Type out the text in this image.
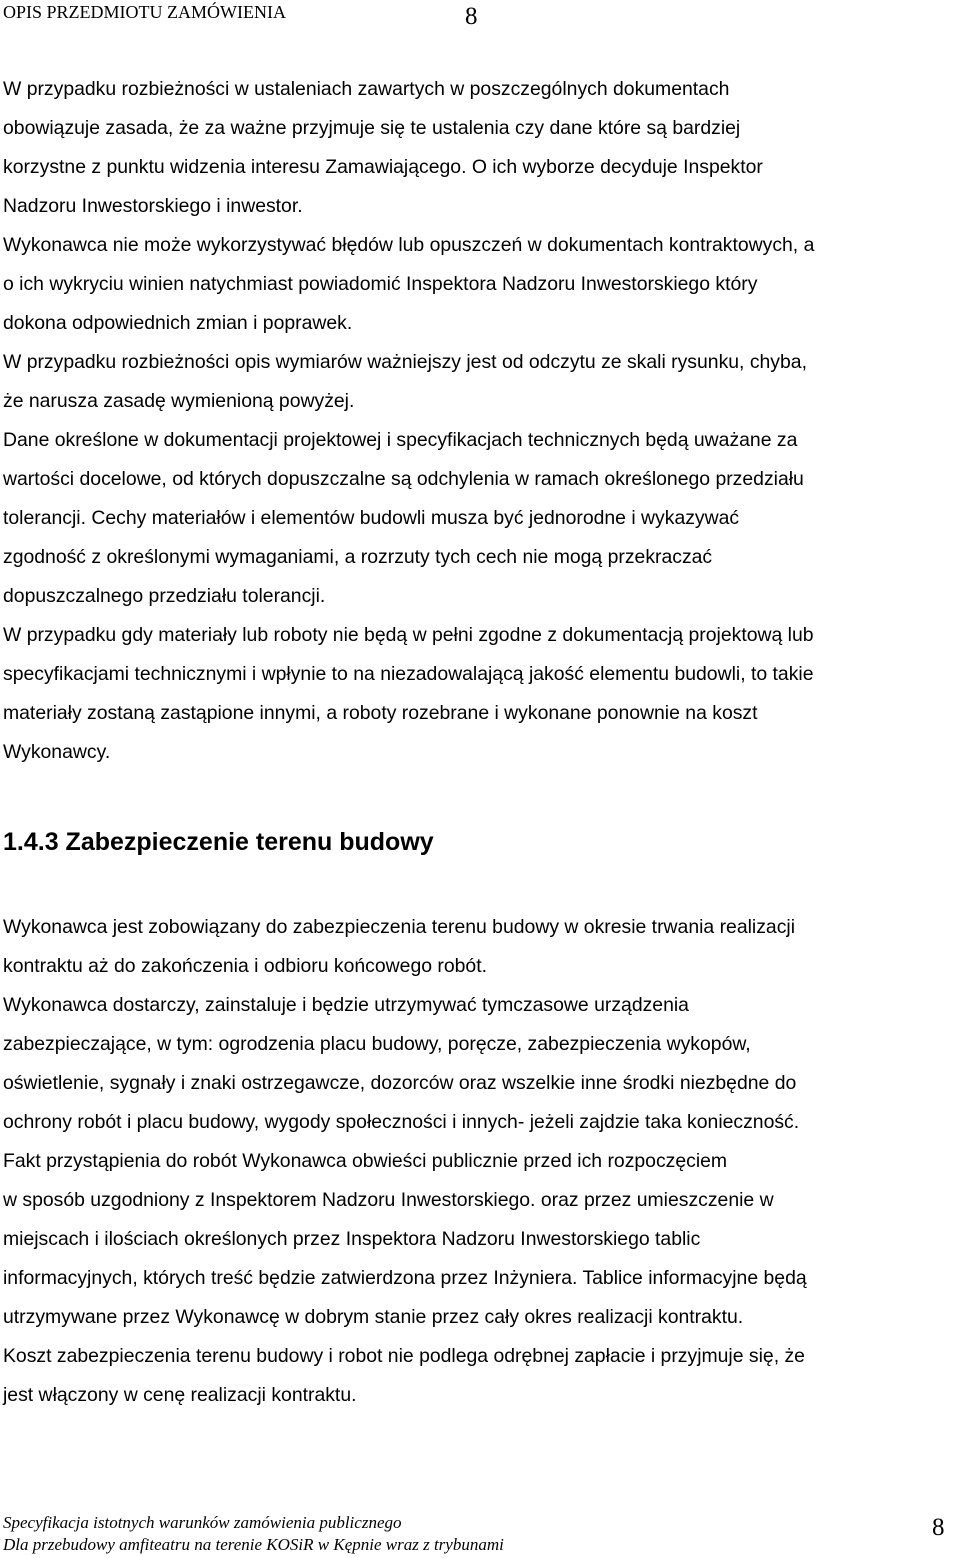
OPIS PRZEDMIOTU ZAMÓWIENIA	8
W przypadku rozbieżności w ustaleniach zawartych w poszczególnych dokumentach
obowiązuje zasada, że za ważne przyjmuje się te ustalenia czy dane które są bardziej
korzystne z punktu widzenia interesu Zamawiającego. O ich wyborze decyduje Inspektor
Nadzoru Inwestorskiego i inwestor.
Wykonawca nie może wykorzystywać błędów lub opuszczeń w dokumentach kontraktowych, a
o ich wykryciu winien natychmiast powiadomić Inspektora Nadzoru Inwestorskiego który
dokona odpowiednich zmian i poprawek.
W przypadku rozbieżności opis wymiarów ważniejszy jest od odczytu ze skali rysunku, chyba,
że narusza zasadę wymienioną powyżej.
Dane określone w dokumentacji projektowej i specyfikacjach technicznych będą uważane za
wartości docelowe, od których dopuszczalne są odchylenia w ramach określonego przedziału
tolerancji. Cechy materiałów i elementów budowli musza być jednorodne i wykazywać
zgodność z określonymi wymaganiami, a rozrzuty tych cech nie mogą przekraczać
dopuszczalnego przedziału tolerancji.
W przypadku gdy materiały lub roboty nie będą w pełni zgodne z dokumentacją projektową lub
specyfikacjami technicznymi i wpłynie to na niezadowalającą jakość elementu budowli, to takie
materiały zostaną zastąpione innymi, a roboty rozebrane i wykonane ponownie na koszt
Wykonawcy.
1.4.3 Zabezpieczenie terenu budowy
Wykonawca jest zobowiązany do zabezpieczenia terenu budowy w okresie trwania realizacji
kontraktu aż do zakończenia i odbioru końcowego robót.
Wykonawca dostarczy, zainstaluje i będzie utrzymywać tymczasowe urządzenia
zabezpieczające, w tym: ogrodzenia placu budowy, poręcze, zabezpieczenia wykopów,
oświetlenie, sygnały i znaki ostrzegawcze, dozorców oraz wszelkie inne środki niezbędne do
ochrony robót i placu budowy, wygody społeczności i innych- jeżeli zajdzie taka konieczność.
Fakt przystąpienia do robót Wykonawca obwieści publicznie przed ich rozpoczęciem
w sposób uzgodniony z Inspektorem Nadzoru Inwestorskiego. oraz przez umieszczenie w
miejscach i ilościach określonych przez Inspektora Nadzoru Inwestorskiego tablic
informacyjnych, których treść będzie zatwierdzona przez Inżyniera. Tablice informacyjne będą
utrzymywane przez Wykonawcę w dobrym stanie przez cały okres realizacji kontraktu.
Koszt zabezpieczenia terenu budowy i robot nie podlega odrębnej zapłacie i przyjmuje się, że
jest włączony w cenę realizacji kontraktu.
Specyfikacja istotnych warunków zamówienia publicznego
Dla przebudowy amfiteatru na terenie KOSiR w Kępnie wraz z trybunami
8
